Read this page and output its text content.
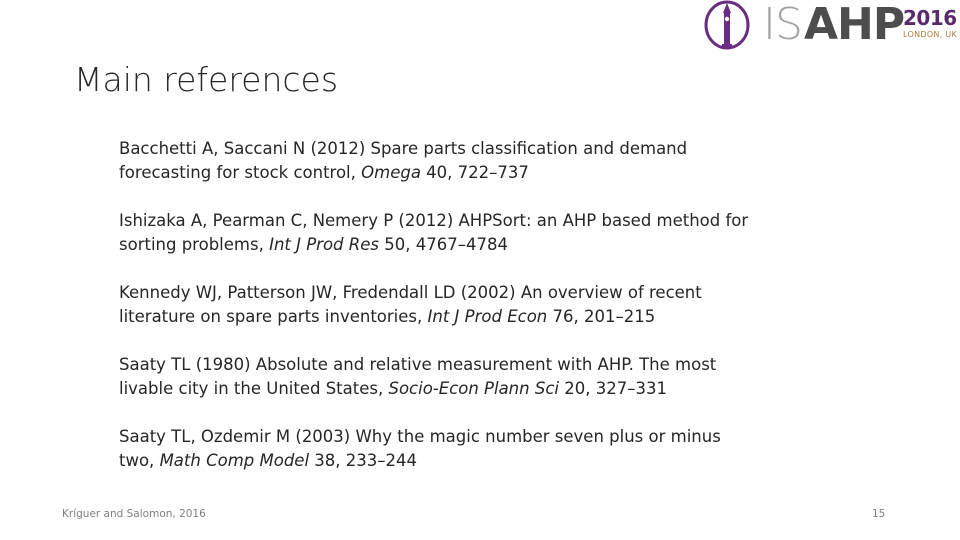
IS AHP
2016
LONDON, UK
Main references
Bacchetti A, Saccani N (2012) Spare parts classification and demand forecasting for stock control, Omega 40, 722–737
Ishizaka A, Pearman C, Nemery P (2012) AHPSort: an AHP based method for sorting problems, Int J Prod Res 50, 4767–4784
Kennedy WJ, Patterson JW, Fredendall LD (2002) An overview of recent literature on spare parts inventories, Int J Prod Econ 76, 201–215
Saaty TL (1980) Absolute and relative measurement with AHP. The most livable city in the United States, Socio-Econ Plann Sci 20, 327–331
Saaty TL, Ozdemir M (2003) Why the magic number seven plus or minus two, Math Comp Model 38, 233–244
Kríguer and Salomon, 2016	15
